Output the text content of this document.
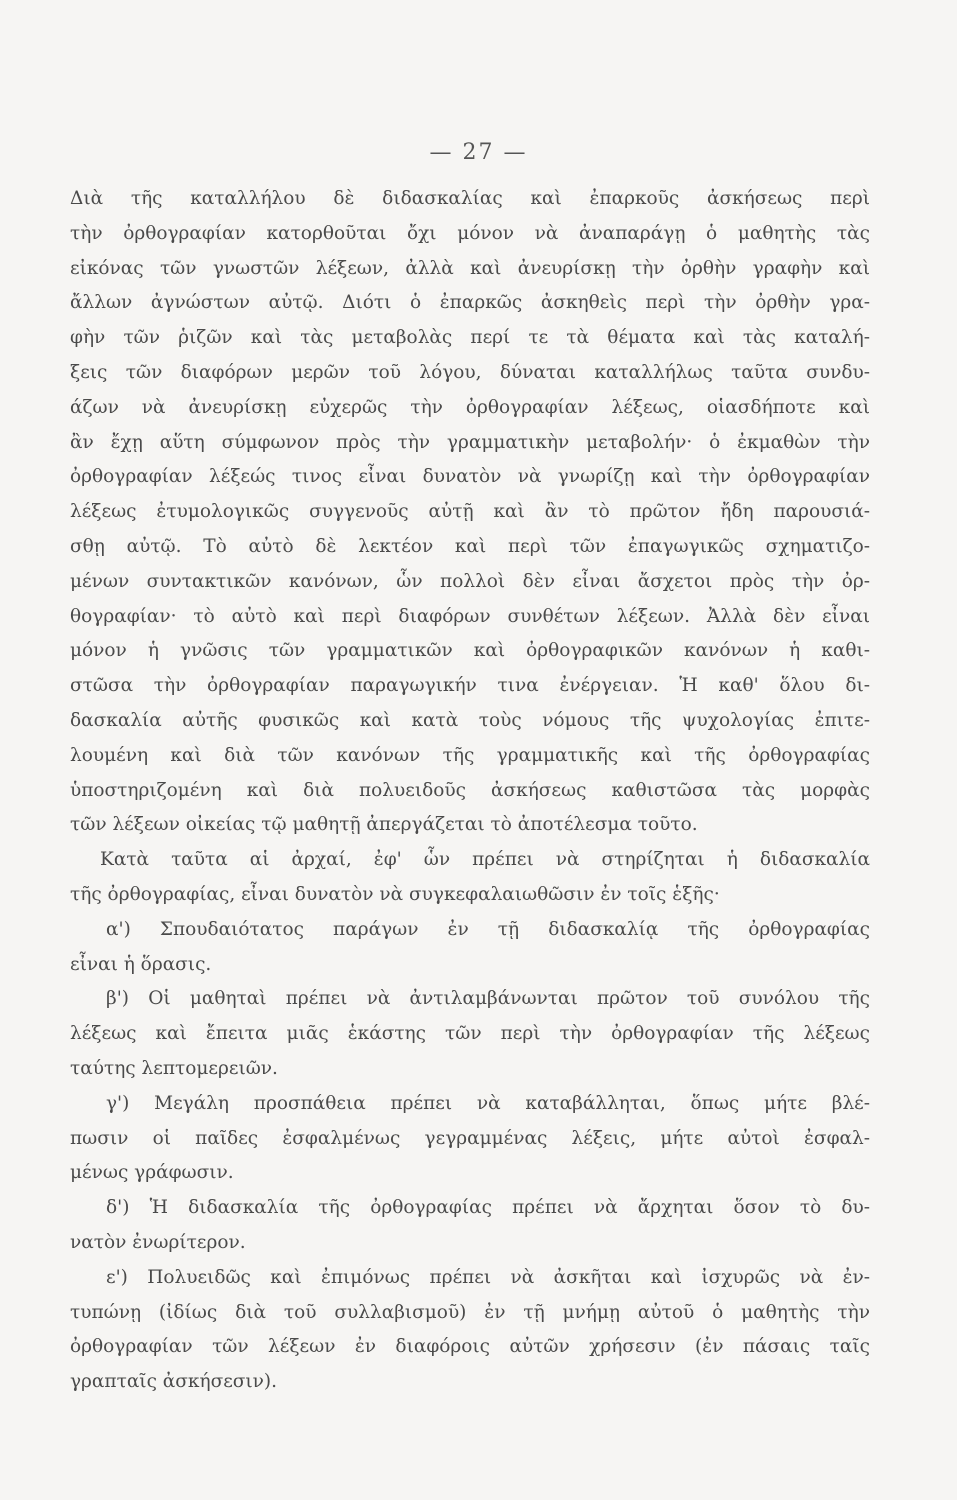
— 27 —
Διὰ τῆς καταλλήλου δὲ διδασκαλίας καὶ ἐπαρκοῦς ἀσκήσεως περὶ
τὴν ὀρθογραφίαν κατορθοῦται ὄχι μόνον νὰ ἀναπαράγῃ ὁ μαθητὴς τὰς
εἰκόνας τῶν γνωστῶν λέξεων, ἀλλὰ καὶ ἀνευρίσκῃ τὴν ὀρθὴν γραφὴν καὶ
ἄλλων ἀγνώστων αὐτῷ. Διότι ὁ ἐπαρκῶς ἀσκηθεὶς περὶ τὴν ὀρθὴν γρα-
φὴν τῶν ῥιζῶν καὶ τὰς μεταβολὰς περί τε τὰ θέματα καὶ τὰς καταλή-
ξεις τῶν διαφόρων μερῶν τοῦ λόγου, δύναται καταλλήλως ταῦτα συνδυ-
άζων νὰ ἀνευρίσκῃ εὐχερῶς τὴν ὀρθογραφίαν λέξεως, οἱασδήποτε καὶ
ἂν ἔχῃ αὕτη σύμφωνον πρὸς τὴν γραμματικὴν μεταβολήν· ὁ ἐκμαθὼν τὴν
ὀρθογραφίαν λέξεώς τινος εἶναι δυνατὸν νὰ γνωρίζῃ καὶ τὴν ὀρθογραφίαν
λέξεως ἐτυμολογικῶς συγγενοῦς αὐτῇ καὶ ἂν τὸ πρῶτον ἤδη παρουσιά-
σθῃ αὐτῷ. Τὸ αὐτὸ δὲ λεκτέον καὶ περὶ τῶν ἐπαγωγικῶς σχηματιζο-
μένων συντακτικῶν κανόνων, ὧν πολλοὶ δὲν εἶναι ἄσχετοι πρὸς τὴν ὀρ-
θογραφίαν· τὸ αὐτὸ καὶ περὶ διαφόρων συνθέτων λέξεων. Ἀλλὰ δὲν εἶναι
μόνον ἡ γνῶσις τῶν γραμματικῶν καὶ ὀρθογραφικῶν κανόνων ἡ καθι-
στῶσα τὴν ὀρθογραφίαν παραγωγικήν τινα ἐνέργειαν. Ἡ καθ' ὅλου δι-
δασκαλία αὐτῆς φυσικῶς καὶ κατὰ τοὺς νόμους τῆς ψυχολογίας ἐπιτε-
λουμένη καὶ διὰ τῶν κανόνων τῆς γραμματικῆς καὶ τῆς ὀρθογραφίας
ὑποστηριζομένη καὶ διὰ πολυειδοῦς ἀσκήσεως καθιστῶσα τὰς μορφὰς
τῶν λέξεων οἰκείας τῷ μαθητῇ ἀπεργάζεται τὸ ἀποτέλεσμα τοῦτο.
Κατὰ ταῦτα αἱ ἀρχαί, ἐφ' ὧν πρέπει νὰ στηρίζηται ἡ διδασκαλία
τῆς ὀρθογραφίας, εἶναι δυνατὸν νὰ συγκεφαλαιωθῶσιν ἐν τοῖς ἑξῆς·
α') Σπουδαιότατος παράγων ἐν τῇ διδασκαλίᾳ τῆς ὀρθογραφίας
εἶναι ἡ ὅρασις.
β') Οἱ μαθηταὶ πρέπει νὰ ἀντιλαμβάνωνται πρῶτον τοῦ συνόλου τῆς
λέξεως καὶ ἔπειτα μιᾶς ἑκάστης τῶν περὶ τὴν ὀρθογραφίαν τῆς λέξεως
ταύτης λεπτομερειῶν.
γ') Μεγάλη προσπάθεια πρέπει νὰ καταβάλληται, ὅπως μήτε βλέ-
πωσιν οἱ παῖδες ἐσφαλμένως γεγραμμένας λέξεις, μήτε αὐτοὶ ἐσφαλ-
μένως γράφωσιν.
δ') Ἡ διδασκαλία τῆς ὀρθογραφίας πρέπει νὰ ἄρχηται ὅσον τὸ δυ-
νατὸν ἐνωρίτερον.
ε') Πολυειδῶς καὶ ἐπιμόνως πρέπει νὰ ἀσκῆται καὶ ἰσχυρῶς νὰ ἐν-
τυπώνῃ (ἰδίως διὰ τοῦ συλλαβισμοῦ) ἐν τῇ μνήμῃ αὐτοῦ ὁ μαθητὴς τὴν
ὀρθογραφίαν τῶν λέξεων ἐν διαφόροις αὐτῶν χρήσεσιν (ἐν πάσαις ταῖς
γραπταῖς ἀσκήσεσιν).
